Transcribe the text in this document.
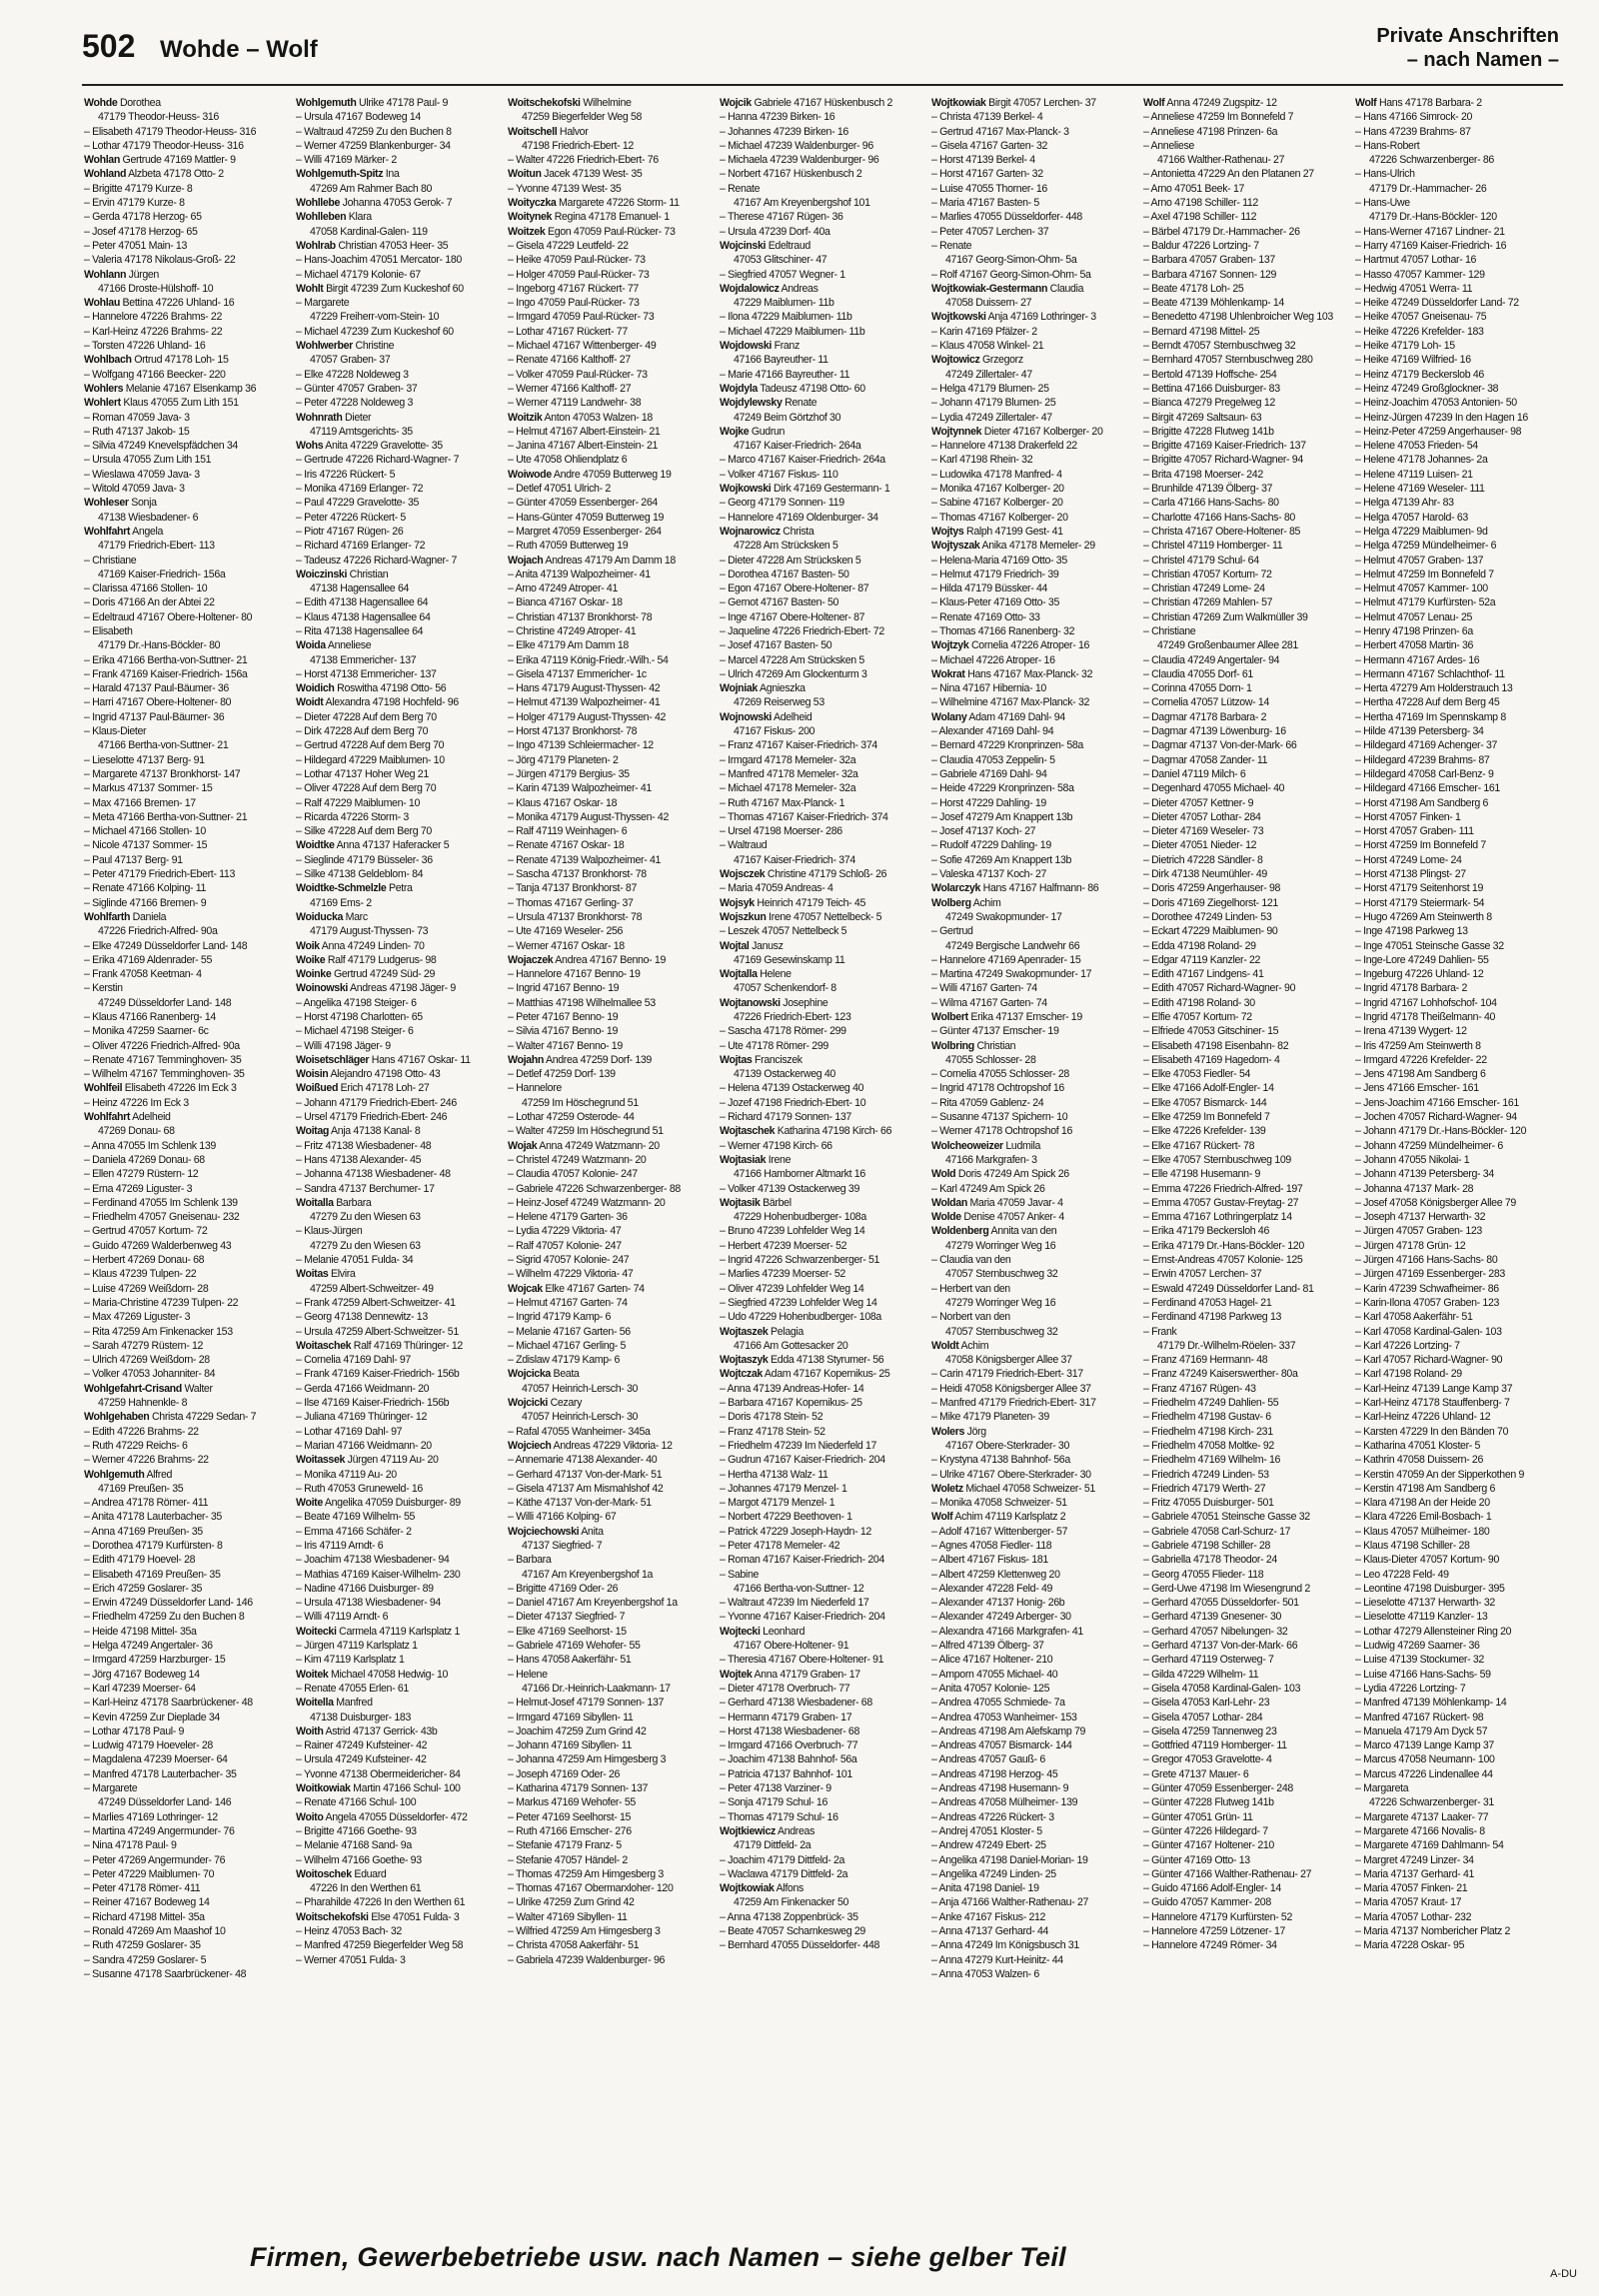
502 Wohde – Wolf	Private Anschriften
– nach Namen –
Wohde Dorothea
47179 Theodor-Heuss- 316
– Elisabeth 47179 Theodor-Heuss- 316
– Lothar 47179 Theodor-Heuss- 316
Wohlan Gertrude 47169 Mattler- 9
Wohland Alzbeta 47178 Otto- 2
– Brigitte 47179 Kurze- 8
– Ervin 47179 Kurze- 8
– Gerda 47178 Herzog- 65
– Josef 47178 Herzog- 65
– Peter 47051 Main- 13
– Valeria 47178 Nikolaus-Groß- 22
Wohlann Jürgen
47166 Droste-Hülshoff- 10
Wohlau Bettina 47226 Uhland- 16
– Hannelore 47226 Brahms- 22
– Karl-Heinz 47226 Brahms- 22
– Torsten 47226 Uhland- 16
Wohlbach Ortrud 47178 Loh- 15
– Wolfgang 47166 Beecker- 220
Wohlers Melanie 47167 Elsenkamp 36
Wohlert Klaus 47055 Zum Lith 151
– Roman 47059 Java- 3
– Ruth 47137 Jakob- 15
– Silvia 47249 Knevelspfädchen 34
– Ursula 47055 Zum Lith 151
– Wieslawa 47059 Java- 3
– Witold 47059 Java- 3
Wohleser Sonja
47138 Wiesbadener- 6
Wohlfahrt Angela
47179 Friedrich-Ebert- 113
– Christiane
47169 Kaiser-Friedrich- 156a
– Clarissa 47166 Stollen- 10
– Doris 47166 An der Abtei 22
– Edeltraud 47167 Obere-Holtener- 80
– Elisabeth
47179 Dr.-Hans-Böckler- 80
– Erika 47166 Bertha-von-Suttner- 21
– Frank 47169 Kaiser-Friedrich- 156a
– Harald 47137 Paul-Bäumer- 36
– Harri 47167 Obere-Holtener- 80
– Ingrid 47137 Paul-Bäumer- 36
– Klaus-Dieter
47166 Bertha-von-Suttner- 21
– Lieselotte 47137 Berg- 91
– Margarete 47137 Bronkhorst- 147
– Markus 47137 Sommer- 15
– Max 47166 Bremen- 17
– Meta 47166 Bertha-von-Suttner- 21
– Michael 47166 Stollen- 10
– Nicole 47137 Sommer- 15
– Paul 47137 Berg- 91
– Peter 47179 Friedrich-Ebert- 113
– Renate 47166 Kolping- 11
– Siglinde 47166 Bremen- 9
Wohlfarth Daniela
47226 Friedrich-Alfred- 90a
– Elke 47249 Düsseldorfer Land- 148
– Erika 47169 Aldenrader- 55
– Frank 47058 Keetman- 4
– Kerstin
47249 Düsseldorfer Land- 148
– Klaus 47166 Ranenberg- 14
– Monika 47259 Saarner- 6c
– Oliver 47226 Friedrich-Alfred- 90a
– Renate 47167 Temminghoven- 35
– Wilhelm 47167 Temminghoven- 35
Wohlfeil Elisabeth 47226 Im Eck 3
– Heinz 47226 Im Eck 3
Wohlfahrt Adelheid
47269 Donau- 68
– Anna 47055 Im Schlenk 139
– Daniela 47269 Donau- 68
– Ellen 47279 Rüstern- 12
– Erna 47269 Liguster- 3
– Ferdinand 47055 Im Schlenk 139
– Friedhelm 47057 Gneisenau- 232
– Gertrud 47057 Kortum- 72
– Guido 47269 Walderbenweg 43
– Herbert 47269 Donau- 68
– Klaus 47239 Tulpen- 22
– Luise 47269 Weißdorn- 28
– Maria-Christine 47239 Tulpen- 22
– Max 47269 Liguster- 3
– Rita 47259 Am Finkenacker 153
– Sarah 47279 Rüstern- 12
– Ulrich 47269 Weißdorn- 28
– Volker 47053 Johanniter- 84
Wohlgefahrt-Crisand Walter
47259 Hahnenkle- 8
Wohlgehaben Christa 47229 Sedan- 7
– Edith 47226 Brahms- 22
– Ruth 47229 Reichs- 6
– Werner 47226 Brahms- 22
Wohlgemuth Alfred
47169 Preußen- 35
– Andrea 47178 Römer- 411
– Anita 47178 Lauterbacher- 35
– Anna 47169 Preußen- 35
– Dorothea 47179 Kurfürsten- 8
– Edith 47179 Hoevel- 28
– Elisabeth 47169 Preußen- 35
– Erich 47259 Goslarer- 35
– Erwin 47249 Düsseldorfer Land- 146
– Friedhelm 47259 Zu den Buchen 8
– Heide 47198 Mittel- 35a
– Helga 47249 Angertaler- 36
– Irmgard 47259 Harzburger- 15
– Jörg 47167 Bodeweg 14
– Karl 47239 Moerser- 64
– Karl-Heinz 47178 Saarbrückener- 48
– Kevin 47259 Zur Dieplade 34
– Lothar 47178 Paul- 9
– Ludwig 47179 Hoeveler- 28
– Magdalena 47239 Moerser- 64
– Manfred 47178 Lauterbacher- 35
– Margarete
47249 Düsseldorfer Land- 146
– Marlies 47169 Lothringer- 12
– Martina 47249 Angermunder- 76
– Nina 47178 Paul- 9
– Peter 47269 Angermunder- 76
– Peter 47229 Maiblumen- 70
– Peter 47178 Römer- 411
– Reiner 47167 Bodeweg 14
– Richard 47198 Mittel- 35a
– Ronald 47269 Am Maashof 10
– Ruth 47259 Goslarer- 35
– Sandra 47259 Goslarer- 5
– Susanne 47178 Saarbrückener- 48
Wohlgemuth Ulrike 47178 Paul- 9
– Ursula 47167 Bodeweg 14
– Waltraud 47259 Zu den Buchen 8
– Werner 47259 Blankenburger- 34
– Willi 47169 Märker- 2
Wohlgemuth-Spitz Ina
47269 Am Rahmer Bach 80
Wohllebe Johanna 47053 Gerok- 7
Wohlleben Klara
47058 Kardinal-Galen- 119
Wohlrab Christian 47053 Heer- 35
– Hans-Joachim 47051 Mercator- 180
– Michael 47179 Kolonie- 67
Wohlt Birgit 47239 Zum Kuckeshof 60
– Margarete
47229 Freiherr-vom-Stein- 10
– Michael 47239 Zum Kuckeshof 60
Wohlwerber Christine
47057 Graben- 37
– Elke 47228 Noldeweg 3
– Günter 47057 Graben- 37
– Peter 47228 Noldeweg 3
Wohnrath Dieter
47119 Amtsgerichts- 35
Wohs Anita 47229 Gravelotte- 35
– Gertrude 47226 Richard-Wagner- 7
– Iris 47226 Rückert- 5
– Monika 47169 Erlanger- 72
– Paul 47229 Gravelotte- 35
– Peter 47226 Rückert- 5
– Piotr 47167 Rügen- 26
– Richard 47169 Erlanger- 72
– Tadeusz 47226 Richard-Wagner- 7
Woiczinski Christian
47138 Hagensallee 64
– Edith 47138 Hagensallee 64
– Klaus 47138 Hagensallee 64
– Rita 47138 Hagensallee 64
Woida Anneliese
47138 Emmericher- 137
– Horst 47138 Emmericher- 137
Woidich Roswitha 47198 Otto- 56
Woidt Alexandra 47198 Hochfeld- 96
– Dieter 47228 Auf dem Berg 70
– Dirk 47228 Auf dem Berg 70
– Gertrud 47228 Auf dem Berg 70
– Hildegard 47229 Maiblumen- 10
– Lothar 47137 Hoher Weg 21
– Oliver 47228 Auf dem Berg 70
– Ralf 47229 Maiblumen- 10
– Ricarda 47226 Storm- 3
– Silke 47228 Auf dem Berg 70
Woidtke Anna 47137 Haferacker 5
– Sieglinde 47179 Büsseler- 36
– Silke 47138 Geldeblom- 84
Woidtke-Schmelzle Petra
47169 Ems- 2
Woiducka Marc
47179 August-Thyssen- 73
Woik Anna 47249 Linden- 70
Woike Ralf 47179 Ludgerus- 98
Woinke Gertrud 47249 Süd- 29
Woinowski Andreas 47198 Jäger- 9
– Angelika 47198 Steiger- 6
– Horst 47198 Charlotten- 65
– Michael 47198 Steiger- 6
– Willi 47198 Jäger- 9
Woisetschläger Hans 47167 Oskar- 11
Woisin Alejandro 47198 Otto- 43
Woißued Erich 47178 Loh- 27
– Johann 47179 Friedrich-Ebert- 246
– Ursel 47179 Friedrich-Ebert- 246
Woitag Anja 47138 Kanal- 8
– Fritz 47138 Wiesbadener- 48
– Hans 47138 Alexander- 45
– Johanna 47138 Wiesbadener- 48
– Sandra 47137 Berchumer- 17
Woitalla Barbara
47279 Zu den Wiesen 63
– Klaus-Jürgen
47279 Zu den Wiesen 63
– Melanie 47051 Fulda- 34
Woitas Elvira
47259 Albert-Schweitzer- 49
– Frank 47259 Albert-Schweitzer- 41
– Georg 47138 Dennewitz- 13
– Ursula 47259 Albert-Schweitzer- 51
Woitaschek Ralf 47169 Thüringer- 12
– Cornelia 47169 Dahl- 97
– Frank 47169 Kaiser-Friedrich- 156b
– Gerda 47166 Weidmann- 20
– Ilse 47169 Kaiser-Friedrich- 156b
– Juliana 47169 Thüringer- 12
– Lothar 47169 Dahl- 97
– Marian 47166 Weidmann- 20
Woitassek Jürgen 47119 Au- 20
– Monika 47119 Au- 20
– Ruth 47053 Gruneweld- 16
Woite Angelika 47059 Duisburger- 89
– Beate 47169 Wilhelm- 55
– Emma 47166 Schäfer- 2
– Iris 47119 Arndt- 6
– Joachim 47138 Wiesbadener- 94
– Mathias 47169 Kaiser-Wilhelm- 230
– Nadine 47166 Duisburger- 89
– Ursula 47138 Wiesbadener- 94
– Willi 47119 Arndt- 6
Woitecki Carmela 47119 Karlsplatz 1
– Jürgen 47119 Karlsplatz 1
– Kim 47119 Karlsplatz 1
Woitek Michael 47058 Hedwig- 10
– Renate 47055 Erlen- 61
Woitella Manfred
47138 Duisburger- 183
Woith Astrid 47137 Gerrick- 43b
– Rainer 47249 Kufsteiner- 42
– Ursula 47249 Kufsteiner- 42
– Yvonne 47138 Obermeidericher- 84
Woitkowiak Martin 47166 Schul- 100
– Renate 47166 Schul- 100
Woito Angela 47055 Düsseldorfer- 472
– Brigitte 47166 Goethe- 93
– Melanie 47168 Sand- 9a
– Wilhelm 47166 Goethe- 93
Woitoschek Eduard
47226 In den Werthen 61
– Pharahilde 47226 In den Werthen 61
Woitschekofski Else 47051 Fulda- 3
– Heinz 47053 Bach- 32
– Manfred 47259 Biegerfelder Weg 58
– Werner 47051 Fulda- 3
Woitschekofski Wilhelmine
47259 Biegerfelder Weg 58
Woitschell Halvor
47198 Friedrich-Ebert- 12
– Walter 47226 Friedrich-Ebert- 76
Woitun Jacek 47139 West- 35
– Yvonne 47139 West- 35
Woityczka Margarete 47226 Storm- 11
Woitynek Regina 47178 Emanuel- 1
Woitzek Egon 47059 Paul-Rücker- 73
– Gisela 47229 Leutfeld- 22
– Heike 47059 Paul-Rücker- 73
– Holger 47059 Paul-Rücker- 73
– Ingeborg 47167 Rückert- 77
– Ingo 47059 Paul-Rücker- 73
– Irmgard 47059 Paul-Rücker- 73
– Lothar 47167 Rückert- 77
– Michael 47167 Wittenberger- 49
– Renate 47166 Kalthoff- 27
– Volker 47059 Paul-Rücker- 73
– Werner 47166 Kalthoff- 27
– Werner 47119 Landwehr- 38
Woitzik Anton 47053 Walzen- 18
– Helmut 47167 Albert-Einstein- 21
– Janina 47167 Albert-Einstein- 21
– Ute 47058 Ohliendplatz 6
Woiwode Andre 47059 Butterweg 19
– Detlef 47051 Ulrich- 2
– Günter 47059 Essenberger- 264
– Hans-Günter 47059 Butterweg 19
– Margret 47059 Essenberger- 264
– Ruth 47059 Butterweg 19
Wojach Andreas 47179 Am Damm 18
– Anita 47139 Walpozheimer- 41
– Arno 47249 Atroper- 41
– Bianca 47167 Oskar- 18
– Christian 47137 Bronkhorst- 78
– Christine 47249 Atroper- 41
– Elke 47179 Am Damm 18
– Erika 47119 König-Friedr.-Wilh.- 54
– Gisela 47137 Emmericher- 1c
– Hans 47179 August-Thyssen- 42
– Helmut 47139 Walpozheimer- 41
– Holger 47179 August-Thyssen- 42
– Horst 47137 Bronkhorst- 78
– Ingo 47139 Schleiermacher- 12
– Jörg 47179 Planeten- 2
– Jürgen 47179 Bergius- 35
– Karin 47139 Walpozheimer- 41
– Klaus 47167 Oskar- 18
– Monika 47179 August-Thyssen- 42
– Ralf 47119 Weinhagen- 6
– Renate 47167 Oskar- 18
– Renate 47139 Walpozheimer- 41
– Sascha 47137 Bronkhorst- 78
– Tanja 47137 Bronkhorst- 87
– Thomas 47167 Gerling- 37
– Ursula 47137 Bronkhorst- 78
– Ute 47169 Weseler- 256
– Werner 47167 Oskar- 18
Wojaczek Andrea 47167 Benno- 19
– Hannelore 47167 Benno- 19
– Ingrid 47167 Benno- 19
– Matthias 47198 Wilhelmallee 53
– Peter 47167 Benno- 19
– Silvia 47167 Benno- 19
– Walter 47167 Benno- 19
Wojahn Andrea 47259 Dorf- 139
– Detlef 47259 Dorf- 139
– Hannelore
47259 Im Höschegrund 51
– Lothar 47259 Osterode- 44
– Walter 47259 Im Höschegrund 51
Wojak Anna 47249 Watzmann- 20
– Christel 47249 Watzmann- 20
– Claudia 47057 Kolonie- 247
– Gabriele 47226 Schwarzenberger- 88
– Heinz-Josef 47249 Watzmann- 20
– Helene 47179 Garten- 36
– Lydia 47229 Viktoria- 47
– Ralf 47057 Kolonie- 247
– Sigrid 47057 Kolonie- 247
– Wilhelm 47229 Viktoria- 47
Wojcak Elke 47167 Garten- 74
– Helmut 47167 Garten- 74
– Ingrid 47179 Kamp- 6
– Melanie 47167 Garten- 56
– Michael 47167 Gerling- 5
– Zdislaw 47179 Kamp- 6
Wojcicka Beata
47057 Heinrich-Lersch- 30
Wojcicki Cezary
47057 Heinrich-Lersch- 30
– Rafal 47055 Wanheimer- 345a
Wojciech Andreas 47229 Viktoria- 12
– Annemarie 47138 Alexander- 40
– Gerhard 47137 Von-der-Mark- 51
– Gisela 47137 Am Mismahlshof 42
– Käthe 47137 Von-der-Mark- 51
– Willi 47166 Kolping- 67
Wojciechowski Anita
47137 Siegfried- 7
– Barbara
47167 Am Kreyenbergshof 1a
– Brigitte 47169 Oder- 26
– Daniel 47167 Am Kreyenbergshof 1a
– Dieter 47137 Siegfried- 7
– Elke 47169 Seelhorst- 15
– Gabriele 47169 Wehofer- 55
– Hans 47058 Aakerfähr- 51
– Helene
47166 Dr.-Heinrich-Laakmann- 17
– Helmut-Josef 47179 Sonnen- 137
– Irmgard 47169 Sibyllen- 11
– Joachim 47259 Zum Grind 42
– Johann 47169 Sibyllen- 11
– Johanna 47259 Am Himgesberg 3
– Joseph 47169 Oder- 26
– Katharina 47179 Sonnen- 137
– Markus 47169 Wehofer- 55
– Peter 47169 Seelhorst- 15
– Ruth 47166 Emscher- 276
– Stefanie 47179 Franz- 5
– Stefanie 47057 Händel- 2
– Thomas 47259 Am Himgesberg 3
– Thomas 47167 Obermarxloher- 120
– Ulrike 47259 Zum Grind 42
– Walter 47169 Sibyllen- 11
– Wilfried 47259 Am Himgesberg 3
– Christa 47058 Aakerfähr- 51
– Gabriela 47239 Waldenburger- 96
Wojcik Gabriele 47167 Hüskenbusch 2
– Hanna 47239 Birken- 16
– Johannes 47239 Birken- 16
– Michael 47239 Waldenburger- 96
– Michaela 47239 Waldenburger- 96
– Norbert 47167 Hüskenbusch 2
– Renate
47167 Am Kreyenbergshof 101
– Therese 47167 Rügen- 36
– Ursula 47239 Dorf- 40a
Wojcinski Edeltraud
47053 Glitschiner- 47
– Siegfried 47057 Wegner- 1
Wojdalowicz Andreas
47229 Maiblumen- 11b
– Ilona 47229 Maiblumen- 11b
– Michael 47229 Maiblumen- 11b
Wojdowski Franz
47166 Bayreuther- 11
– Marie 47166 Bayreuther- 11
Wojdyla Tadeusz 47198 Otto- 60
Wojdylewsky Renate
47249 Beim Görtzhof 30
Wojke Gudrun
47167 Kaiser-Friedrich- 264a
– Marco 47167 Kaiser-Friedrich- 264a
– Volker 47167 Fiskus- 110
Wojkowski Dirk 47169 Gestermann- 1
– Georg 47179 Sonnen- 119
– Hannelore 47169 Oldenburger- 34
Wojnarowicz Christa
47228 Am Strücksken 5
– Dieter 47228 Am Strücksken 5
– Dorothea 47167 Basten- 50
– Egon 47167 Obere-Holtener- 87
– Gernot 47167 Basten- 50
– Inge 47167 Obere-Holtener- 87
– Jaqueline 47226 Friedrich-Ebert- 72
– Josef 47167 Basten- 50
– Marcel 47228 Am Strücksken 5
– Ulrich 47269 Am Glockenturm 3
Wojniak Agnieszka
47269 Reiserweg 53
Wojnowski Adelheid
47167 Fiskus- 200
– Franz 47167 Kaiser-Friedrich- 374
– Irmgard 47178 Memeler- 32a
– Manfred 47178 Memeler- 32a
– Michael 47178 Memeler- 32a
– Ruth 47167 Max-Planck- 1
– Thomas 47167 Kaiser-Friedrich- 374
– Ursel 47198 Moerser- 286
– Waltraud
47167 Kaiser-Friedrich- 374
Wojsczek Christine 47179 Schloß- 26
– Maria 47059 Andreas- 4
Wojsyk Heinrich 47179 Teich- 45
Wojszkun Irene 47057 Nettelbeck- 5
– Leszek 47057 Nettelbeck 5
Wojtal Janusz
47169 Gesewinskamp 11
Wojtalla Helene
47057 Schenkendorf- 8
Wojtanowski Josephine
47226 Friedrich-Ebert- 123
– Sascha 47178 Römer- 299
– Ute 47178 Römer- 299
Wojtas Franciszek
47139 Ostackerweg 40
– Helena 47139 Ostackerweg 40
– Jozef 47198 Friedrich-Ebert- 10
– Richard 47179 Sonnen- 137
Wojtaschek Katharina 47198 Kirch- 66
– Werner 47198 Kirch- 66
Wojtasiak Irene
47166 Hamborner Altmarkt 16
– Volker 47139 Ostackerweg 39
Wojtasik Bärbel
47229 Hohenbudberger- 108a
– Bruno 47239 Lohfelder Weg 14
– Herbert 47239 Moerser- 52
– Ingrid 47226 Schwarzenberger- 51
– Marlies 47239 Moerser- 52
– Oliver 47239 Lohfelder Weg 14
– Siegfried 47239 Lohfelder Weg 14
– Udo 47229 Hohenbudberger- 108a
Wojtaszek Pelagia
47166 Am Gottesacker 20
Wojtaszyk Edda 47138 Styrumer- 56
Wojtczak Adam 47167 Kopernikus- 25
– Anna 47139 Andreas-Hofer- 14
– Barbara 47167 Kopernikus- 25
– Doris 47178 Stein- 52
– Franz 47178 Stein- 52
– Friedhelm 47239 Im Niederfeld 17
– Gudrun 47167 Kaiser-Friedrich- 204
– Hertha 47138 Walz- 11
– Johannes 47179 Menzel- 1
– Margot 47179 Menzel- 1
– Norbert 47229 Beethoven- 1
– Patrick 47229 Joseph-Haydn- 12
– Peter 47178 Memeler- 42
– Roman 47167 Kaiser-Friedrich- 204
– Sabine
47166 Bertha-von-Suttner- 12
– Waltraut 47239 Im Niederfeld 17
– Yvonne 47167 Kaiser-Friedrich- 204
Wojtecki Leonhard
47167 Obere-Holtener- 91
– Theresia 47167 Obere-Holtener- 91
Wojtek Anna 47179 Graben- 17
– Dieter 47178 Overbruch- 77
– Gerhard 47138 Wiesbadener- 68
– Hermann 47179 Graben- 17
– Horst 47138 Wiesbadener- 68
– Irmgard 47166 Overbruch- 77
– Joachim 47138 Bahnhof- 56a
– Patricia 47137 Bahnhof- 101
– Peter 47138 Varziner- 9
– Sonja 47179 Schul- 16
– Thomas 47179 Schul- 16
Wojtkiewicz Andreas
47179 Dittfeld- 2a
– Joachim 47179 Dittfeld- 2a
– Waclawa 47179 Dittfeld- 2a
Wojtkowiak Alfons
47259 Am Finkenacker 50
– Anna 47138 Zoppenbrück- 35
– Beate 47057 Scharnkesweg 29
– Bernhard 47055 Düsseldorfer- 448
Wojtkowiak Birgit 47057 Lerchen- 37
– Christa 47139 Berkel- 4
– Gertrud 47167 Max-Planck- 3
– Gisela 47167 Garten- 32
– Horst 47139 Berkel- 4
– Horst 47167 Garten- 32
– Luise 47055 Thorner- 16
– Maria 47167 Basten- 5
– Marlies 47055 Düsseldorfer- 448
– Peter 47057 Lerchen- 37
– Renate
47167 Georg-Simon-Ohm- 5a
– Rolf 47167 Georg-Simon-Ohm- 5a
Wojtkowiak-Gestermann Claudia
47058 Duissern- 27
Wojtkowski Anja 47169 Lothringer- 3
– Karin 47169 Pfälzer- 2
– Klaus 47058 Winkel- 21
Wojtowicz Grzegorz
47249 Zillertaler- 47
– Helga 47179 Blumen- 25
– Johann 47179 Blumen- 25
– Lydia 47249 Zillertaler- 47
Wojtynnek Dieter 47167 Kolberger- 20
– Hannelore 47138 Drakerfeld 22
– Karl 47198 Rhein- 32
– Ludowika 47178 Manfred- 4
– Monika 47167 Kolberger- 20
– Sabine 47167 Kolberger- 20
– Thomas 47167 Kolberger- 20
Wojtys Ralph 47199 Gest- 41
Wojtyszak Anika 47178 Memeler- 29
– Helena-Maria 47169 Otto- 35
– Helmut 47179 Friedrich- 39
– Hilda 47179 Büssker- 44
– Klaus-Peter 47169 Otto- 35
– Renate 47169 Otto- 33
– Thomas 47166 Ranenberg- 32
Wojtzyk Cornelia 47226 Atroper- 16
– Michael 47226 Atroper- 16
Wokrat Hans 47167 Max-Planck- 32
– Nina 47167 Hibernia- 10
– Wilhelmine 47167 Max-Planck- 32
Wolany Adam 47169 Dahl- 94
– Alexander 47169 Dahl- 94
– Bernard 47229 Kronprinzen- 58a
– Claudia 47053 Zeppelin- 5
– Gabriele 47169 Dahl- 94
– Heide 47229 Kronprinzen- 58a
– Horst 47229 Dahling- 19
– Josef 47279 Am Knappert 13b
– Josef 47137 Koch- 27
– Rudolf 47229 Dahling- 19
– Sofie 47269 Am Knappert 13b
– Valeska 47137 Koch- 27
Wolarczyk Hans 47167 Halfmann- 86
Wolberg Achim
47249 Swakopmunder- 17
– Gertrud
47249 Bergische Landwehr 66
– Hannelore 47169 Apenrader- 15
– Martina 47249 Swakopmunder- 17
– Willi 47167 Garten- 74
– Wilma 47167 Garten- 74
Wolbert Erika 47137 Emscher- 19
– Günter 47137 Emscher- 19
Wolbring Christian
47055 Schlosser- 28
– Cornelia 47055 Schlosser- 28
– Ingrid 47178 Ochtropshof 16
– Rita 47059 Gablenz- 24
– Susanne 47137 Spichern- 10
– Werner 47178 Ochtropshof 16
Wolcheoweizer Ludmila
47166 Markgrafen- 3
Wold Doris 47249 Am Spick 26
– Karl 47249 Am Spick 26
Woldan Maria 47059 Javar- 4
Wolde Denise 47057 Anker- 4
Woldenberg Annita van den
47279 Worringer Weg 16
– Claudia van den
47057 Sternbuschweg 32
– Herbert van den
47279 Worringer Weg 16
– Norbert van den
47057 Sternbuschweg 32
Woldt Achim
47058 Königsberger Allee 37
– Carin 47179 Friedrich-Ebert- 317
– Heidi 47058 Königsberger Allee 37
– Manfred 47179 Friedrich-Ebert- 317
– Mike 47179 Planeten- 39
Wolers Jörg
47167 Obere-Sterkrader- 30
– Krystyna 47138 Bahnhof- 56a
– Ulrike 47167 Obere-Sterkrader- 30
Woletz Michael 47058 Schweizer- 51
– Monika 47058 Schweizer- 51
Wolf Achim 47119 Karlsplatz 2
– Adolf 47167 Wittenberger- 57
– Agnes 47058 Fiedler- 118
– Albert 47167 Fiskus- 181
– Albert 47259 Klettenweg 20
– Alexander 47228 Feld- 49
– Alexander 47137 Honig- 26b
– Alexander 47249 Arberger- 30
– Alexandra 47166 Markgrafen- 41
– Alfred 47139 Ölberg- 37
– Alice 47167 Holtener- 210
– Amporn 47055 Michael- 40
– Anita 47057 Kolonie- 125
– Andrea 47055 Schmiede- 7a
– Andrea 47053 Wanheimer- 153
– Andreas 47198 Am Alefskamp 79
– Andreas 47057 Bismarck- 144
– Andreas 47057 Gauß- 6
– Andreas 47198 Herzog- 45
– Andreas 47198 Husemann- 9
– Andreas 47058 Mülheimer- 139
– Andreas 47226 Rückert- 3
– Andrej 47051 Kloster- 5
– Andrew 47249 Ebert- 25
– Angelika 47198 Daniel-Morian- 19
– Angelika 47249 Linden- 25
– Anita 47198 Daniel- 19
– Anja 47166 Walther-Rathenau- 27
– Anke 47167 Fiskus- 212
– Anna 47137 Gerhard- 44
– Anna 47249 Im Königsbusch 31
– Anna 47279 Kurt-Heinitz- 44
– Anna 47053 Walzen- 6
Wolf Anna 47249 Zugspitz- 12
– Anneliese 47259 Im Bonnefeld 7
– Anneliese 47198 Prinzen- 6a
– Anneliese
47166 Walther-Rathenau- 27
– Antonietta 47229 An den Platanen 27
– Arno 47051 Beek- 17
– Arno 47198 Schiller- 112
– Axel 47198 Schiller- 112
– Bärbel 47179 Dr.-Hammacher- 26
– Baldur 47226 Lortzing- 7
– Barbara 47057 Graben- 137
– Barbara 47167 Sonnen- 129
– Beate 47178 Loh- 25
– Beate 47139 Möhlenkamp- 14
– Benedetto 47198 Uhlenbroicher Weg 103
– Bernard 47198 Mittel- 25
– Berndt 47057 Sternbuschweg 32
– Bernhard 47057 Sternbuschweg 280
– Bertold 47139 Hoffsche- 254
– Bettina 47166 Duisburger- 83
– Bianca 47279 Pregelweg 12
– Birgit 47269 Saltsaun- 63
– Brigitte 47228 Flutweg 141b
– Brigitte 47169 Kaiser-Friedrich- 137
– Brigitte 47057 Richard-Wagner- 94
– Brita 47198 Moerser- 242
– Brunhilde 47139 Ölberg- 37
– Carla 47166 Hans-Sachs- 80
– Charlotte 47166 Hans-Sachs- 80
– Christa 47167 Obere-Holtener- 85
– Christel 47119 Homberger- 11
– Christel 47179 Schul- 64
– Christian 47057 Kortum- 72
– Christian 47249 Lome- 24
– Christian 47269 Mahlen- 57
– Christian 47269 Zum Walkmüller 39
– Christiane
47249 Großenbaumer Allee 281
– Claudia 47249 Angertaler- 94
– Claudia 47055 Dorf- 61
– Corinna 47055 Dorn- 1
– Cornelia 47057 Lützow- 14
– Dagmar 47178 Barbara- 2
– Dagmar 47139 Löwenburg- 16
– Dagmar 47137 Von-der-Mark- 66
– Dagmar 47058 Zander- 11
– Daniel 47119 Milch- 6
– Degenhard 47055 Michael- 40
– Dieter 47057 Kettner- 9
– Dieter 47057 Lothar- 284
– Dieter 47169 Weseler- 73
– Dieter 47051 Nieder- 12
– Dietrich 47228 Sändler- 8
– Dirk 47138 Neumühler- 49
– Doris 47259 Angerhauser- 98
– Doris 47169 Ziegelhorst- 121
– Dorothee 47249 Linden- 53
– Eckart 47229 Maiblumen- 90
– Edda 47198 Roland- 29
– Edgar 47119 Kanzler- 22
– Edith 47167 Lindgens- 41
– Edith 47057 Richard-Wagner- 90
– Edith 47198 Roland- 30
– Elfie 47057 Kortum- 72
– Elfriede 47053 Gitschiner- 15
– Elisabeth 47198 Eisenbahn- 82
– Elisabeth 47169 Hagedorn- 4
– Elke 47053 Fiedler- 54
– Elke 47166 Adolf-Engler- 14
– Elke 47057 Bismarck- 144
– Elke 47259 Im Bonnefeld 7
– Elke 47226 Krefelder- 139
– Elke 47167 Rückert- 78
– Elke 47057 Sternbuschweg 109
– Elle 47198 Husemann- 9
– Emma 47226 Friedrich-Alfred- 197
– Emma 47057 Gustav-Freytag- 27
– Emma 47167 Lothringerplatz 14
– Erika 47179 Beckersloh 46
– Erika 47179 Dr.-Hans-Böckler- 120
– Ernst-Andreas 47057 Kolonie- 125
– Erwin 47057 Lerchen- 37
– Eswald 47249 Düsseldorfer Land- 81
– Ferdinand 47053 Hagel- 21
– Ferdinand 47198 Parkweg 13
– Frank
47179 Dr.-Wilhelm-Röelen- 337
– Franz 47169 Hermann- 48
– Franz 47249 Kaiserswerther- 80a
– Franz 47167 Rügen- 43
– Friedhelm 47249 Dahlien- 55
– Friedhelm 47198 Gustav- 6
– Friedhelm 47198 Kirch- 231
– Friedhelm 47058 Moltke- 92
– Friedhelm 47169 Wilhelm- 16
– Friedrich 47249 Linden- 53
– Friedrich 47179 Werth- 27
– Fritz 47055 Duisburger- 501
– Gabriele 47051 Steinsche Gasse 32
– Gabriele 47058 Carl-Schurz- 17
– Gabriele 47198 Schiller- 28
– Gabriella 47178 Theodor- 24
– Georg 47055 Flieder- 118
– Gerd-Uwe 47198 Im Wiesengrund 2
– Gerhard 47055 Düsseldorfer- 501
– Gerhard 47139 Gnesener- 30
– Gerhard 47057 Nibelungen- 32
– Gerhard 47137 Von-der-Mark- 66
– Gerhard 47119 Osterweg- 7
– Gilda 47229 Wilhelm- 11
– Gisela 47058 Kardinal-Galen- 103
– Gisela 47053 Karl-Lehr- 23
– Gisela 47057 Lothar- 284
– Gisela 47259 Tannenweg 23
– Gottfried 47119 Homberger- 11
– Gregor 47053 Gravelotte- 4
– Grete 47137 Mauer- 6
– Günter 47059 Essenberger- 248
– Günter 47228 Flutweg 141b
– Günter 47051 Grün- 11
– Günter 47226 Hildegard- 7
– Günter 47167 Holtener- 210
– Günter 47169 Otto- 13
– Günter 47166 Walther-Rathenau- 27
– Guido 47166 Adolf-Engler- 14
– Guido 47057 Kammer- 208
– Hannelore 47179 Kurfürsten- 52
– Hannelore 47259 Lötzener- 17
– Hannelore 47249 Römer- 34
Wolf Hans 47178 Barbara- 2
– Hans 47166 Simrock- 20
– Hans 47239 Brahms- 87
– Hans-Robert
47226 Schwarzenberger- 86
– Hans-Ulrich
47179 Dr.-Hammacher- 26
– Hans-Uwe
47179 Dr.-Hans-Böckler- 120
– Hans-Werner 47167 Lindner- 21
– Harry 47169 Kaiser-Friedrich- 16
– Hartmut 47057 Lothar- 16
– Hasso 47057 Kammer- 129
– Hedwig 47051 Werra- 11
– Heike 47249 Düsseldorfer Land- 72
– Heike 47057 Gneisenau- 75
– Heike 47226 Krefelder- 183
– Heike 47179 Loh- 15
– Heike 47169 Wilfried- 16
– Heinz 47179 Beckerslob 46
– Heinz 47249 Großglockner- 38
– Heinz-Joachim 47053 Antonien- 50
– Heinz-Jürgen 47239 In den Hagen 16
– Heinz-Peter 47259 Angerhauser- 98
– Helene 47053 Frieden- 54
– Helene 47178 Johannes- 2a
– Helene 47119 Luisen- 21
– Helene 47169 Weseler- 111
– Helga 47139 Ahr- 83
– Helga 47057 Harold- 63
– Helga 47229 Maiblumen- 9d
– Helga 47259 Mündelheimer- 6
– Helmut 47057 Graben- 137
– Helmut 47259 Im Bonnefeld 7
– Helmut 47057 Kammer- 100
– Helmut 47179 Kurfürsten- 52a
– Helmut 47057 Lenau- 25
– Henry 47198 Prinzen- 6a
– Herbert 47058 Martin- 36
– Hermann 47167 Ardes- 16
– Hermann 47167 Schlachthof- 11
– Herta 47279 Am Holderstrauch 13
– Hertha 47228 Auf dem Berg 45
– Hertha 47169 Im Spennskamp 8
– Hilde 47139 Petersberg- 34
– Hildegard 47169 Achenger- 37
– Hildegard 47239 Brahms- 87
– Hildegard 47058 Carl-Benz- 9
– Hildegard 47166 Emscher- 161
– Horst 47198 Am Sandberg 6
– Horst 47057 Finken- 1
– Horst 47057 Graben- 111
– Horst 47259 Im Bonnefeld 7
– Horst 47249 Lome- 24
– Horst 47138 Plingst- 27
– Horst 47179 Seitenhorst 19
– Horst 47179 Steiermark- 54
– Hugo 47269 Am Steinwerth 8
– Inge 47198 Parkweg 13
– Inge 47051 Steinsche Gasse 32
– Inge-Lore 47249 Dahlien- 55
– Ingeburg 47226 Uhland- 12
– Ingrid 47178 Barbara- 2
– Ingrid 47167 Lohhofschof- 104
– Ingrid 47178 Theißelmann- 40
– Irena 47139 Wygert- 12
– Iris 47259 Am Steinwerth 8
– Irmgard 47226 Krefelder- 22
– Jens 47198 Am Sandberg 6
– Jens 47166 Emscher- 161
– Jens-Joachim 47166 Emscher- 161
– Jochen 47057 Richard-Wagner- 94
– Johann 47179 Dr.-Hans-Böckler- 120
– Johann 47259 Mündelheimer- 6
– Johann 47055 Nikolai- 1
– Johann 47139 Petersberg- 34
– Johanna 47137 Mark- 28
– Josef 47058 Königsberger Allee 79
– Joseph 47137 Herwarth- 32
– Jürgen 47057 Graben- 123
– Jürgen 47178 Grün- 12
– Jürgen 47166 Hans-Sachs- 80
– Jürgen 47169 Essenberger- 283
– Karin 47239 Schwafheimer- 86
– Karin-Ilona 47057 Graben- 123
– Karl 47058 Aakerfähr- 51
– Karl 47058 Kardinal-Galen- 103
– Karl 47226 Lortzing- 7
– Karl 47057 Richard-Wagner- 90
– Karl 47198 Roland- 29
– Karl-Heinz 47139 Lange Kamp 37
– Karl-Heinz 47178 Stauffenberg- 7
– Karl-Heinz 47226 Uhland- 12
– Karsten 47229 In den Bänden 70
– Katharina 47051 Kloster- 5
– Kathrin 47058 Duissern- 26
– Kerstin 47059 An der Sipperkothen 9
– Kerstin 47198 Am Sandberg 6
– Klara 47198 An der Heide 20
– Klara 47226 Emil-Bosbach- 1
– Klaus 47057 Mülheimer- 180
– Klaus 47198 Schiller- 28
– Klaus-Dieter 47057 Kortum- 90
– Leo 47228 Feld- 49
– Leontine 47198 Duisburger- 395
– Lieselotte 47137 Herwarth- 32
– Lieselotte 47119 Kanzler- 13
– Lothar 47279 Allensteiner Ring 20
– Ludwig 47269 Saarner- 36
– Luise 47139 Stockumer- 32
– Luise 47166 Hans-Sachs- 59
– Lydia 47226 Lortzing- 7
– Manfred 47139 Möhlenkamp- 14
– Manfred 47167 Rückert- 98
– Manuela 47179 Am Dyck 57
– Marco 47139 Lange Kamp 37
– Marcus 47058 Neumann- 100
– Marcus 47226 Lindenallee 44
– Margareta
47226 Schwarzenberger- 31
– Margarete 47137 Laaker- 77
– Margarete 47166 Novalis- 8
– Margarete 47169 Dahlmann- 54
– Margret 47249 Linzer- 34
– Maria 47137 Gerhard- 41
– Maria 47057 Finken- 21
– Maria 47057 Kraut- 17
– Maria 47057 Lothar- 232
– Maria 47137 Nombericher Platz 2
– Maria 47228 Oskar- 95
Firmen, Gewerbebetriebe usw. nach Namen – siehe gelber Teil
A-DU
